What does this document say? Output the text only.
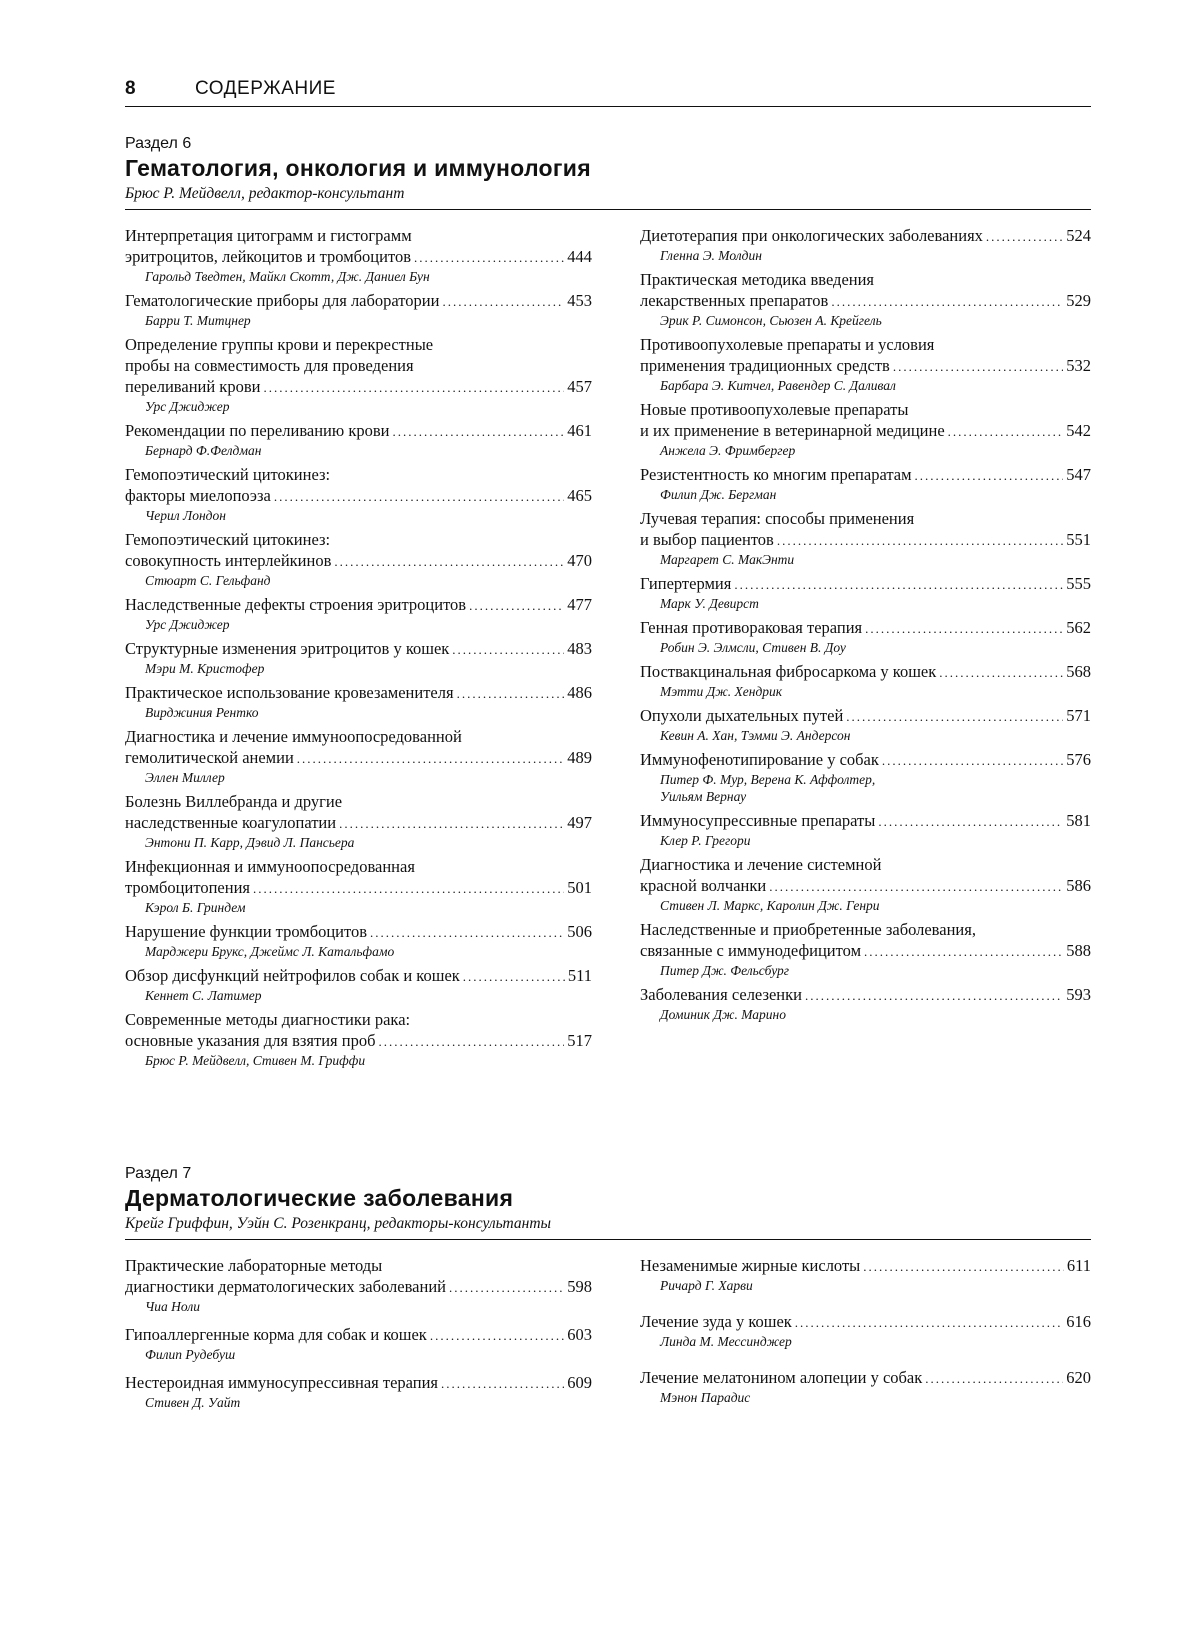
8	СОДЕРЖАНИЕ
Раздел 6
Гематология, онкология и иммунология
Брюс Р. Мейдвелл, редактор-консультант
Интерпретация цитограмм и гистограмм
эритроцитов, лейкоцитов и тромбоцитов .....	444
Гарольд Тведтен, Майкл Скотт, Дж. Даниел Бун
Гематологические приборы для лаборатории .....	453
Барри Т. Митцнер
Определение группы крови и перекрестные
пробы на совместимость для проведения
переливаний крови .....	457
Урс Джиджер
Рекомендации по переливанию крови .....	461
Бернард Ф.Фелдман
Гемопоэтический цитокинез:
факторы миелопоэза .....	465
Черил Лондон
Гемопоэтический цитокинез:
совокупность интерлейкинов .....	470
Стюарт С. Гельфанд
Наследственные дефекты строения эритроцитов .....	477
Урс Джиджер
Структурные изменения эритроцитов у кошек .....	483
Мэри М. Кристофер
Практическое использование кровезаменителя .....	486
Вирджиния Рентко
Диагностика и лечение иммуноопосредованной
гемолитической анемии .....	489
Эллен Миллер
Болезнь Виллебранда и другие
наследственные коагулопатии .....	497
Энтони П. Карр, Дэвид Л. Пансьера
Инфекционная и иммуноопосредованная
тромбоцитопения .....	501
Кэрол Б. Гриндем
Нарушение функции тромбоцитов .....	506
Марджери Брукс, Джеймс Л. Катальфамо
Обзор дисфункций нейтрофилов собак и кошек .....	511
Кеннет С. Латимер
Современные методы диагностики рака:
основные указания для взятия проб .....	517
Брюс Р. Мейдвелл, Стивен М. Гриффи
Диетотерапия при онкологических заболеваниях .....	524
Гленна Э. Молдин
Практическая методика введения
лекарственных препаратов .....	529
Эрик Р. Симонсон, Сьюзен А. Крейгель
Противоопухолевые препараты и условия
применения традиционных средств .....	532
Барбара Э. Китчел, Равендер С. Даливал
Новые противоопухолевые препараты
и их применение в ветеринарной медицине .....	542
Анжела Э. Фримбергер
Резистентность ко многим препаратам .....	547
Филип Дж. Бергман
Лучевая терапия: способы применения
и выбор пациентов .....	551
Маргарет С. МакЭнти
Гипертермия .....	555
Марк У. Девирст
Генная противораковая терапия .....	562
Робин Э. Элмсли, Стивен В. Доу
Поствакцинальная фибросаркома у кошек .....	568
Мэтти Дж. Хендрик
Опухоли дыхательных путей .....	571
Кевин А. Хан, Тэмми Э. Андерсон
Иммунофенотипирование у собак .....	576
Питер Ф. Мур, Верена К. Аффолтер,
Уильям Вернау
Иммуносупрессивные препараты .....	581
Клер Р. Грегори
Диагностика и лечение системной
красной волчанки .....	586
Стивен Л. Маркс, Каролин Дж. Генри
Наследственные и приобретенные заболевания,
связанные с иммунодефицитом .....	588
Питер Дж. Фельсбург
Заболевания селезенки .....	593
Доминик Дж. Марино
Раздел 7
Дерматологические заболевания
Крейг Гриффин, Уэйн С. Розенкранц, редакторы-консультанты
Практические лабораторные методы
диагностики дерматологических заболеваний .....	598
Чиа Ноли
Гипоаллергенные корма для собак и кошек .....	603
Филип Рудебуш
Нестероидная иммуносупрессивная терапия .....	609
Стивен Д. Уайт
Незаменимые жирные кислоты .....	611
Ричард Г. Харви
Лечение зуда у кошек .....	616
Линда М. Мессинджер
Лечение мелатонином алопеции у собак .....	620
Мэнон Парадис
